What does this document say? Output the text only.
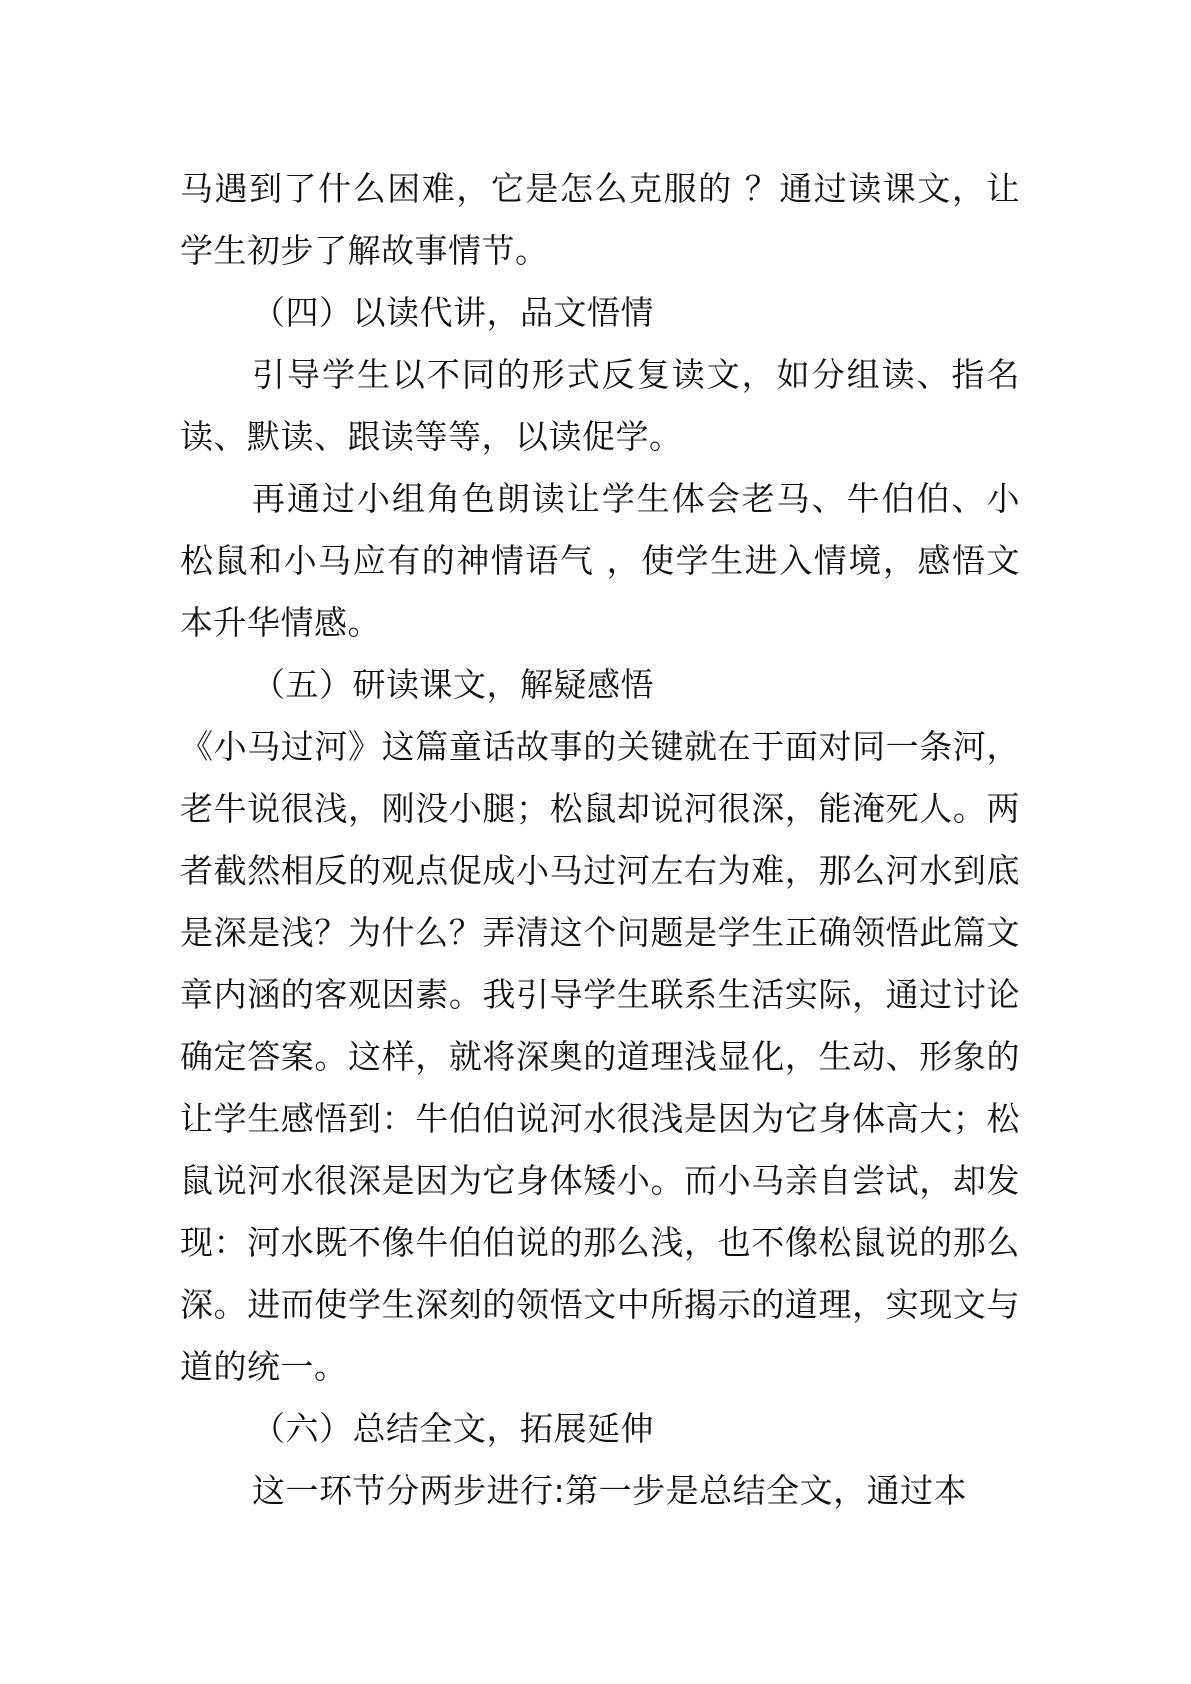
马遇到了什么困难，它是怎么克服的 ？通过读课文，让学生初步了解故事情节。

（四）以读代讲，品文悟情

引导学生以不同的形式反复读文，如分组读、指名读、默读、跟读等等，以读促学。

再通过小组角色朗读让学生体会老马、牛伯伯、小松鼠和小马应有的神情语气 ，使学生进入情境，感悟文本升华情感。

（五）研读课文，解疑感悟

《小马过河》这篇童话故事的关键就在于面对同一条河，老牛说很浅，刚没小腿；松鼠却说河很深，能淹死人。两者截然相反的观点促成小马过河左右为难，那么河水到底是深是浅？为什么？弄清这个问题是学生正确领悟此篇文章内涵的客观因素。我引导学生联系生活实际，通过讨论确定答案。这样，就将深奥的道理浅显化，生动、形象的让学生感悟到：牛伯伯说河水很浅是因为它身体高大；松鼠说河水很深是因为它身体矮小。而小马亲自尝试，却发现：河水既不像牛伯伯说的那么浅，也不像松鼠说的那么深。进而使学生深刻的领悟文中所揭示的道理，实现文与道的统一。

（六）总结全文，拓展延伸

这一环节分两步进行:第一步是总结全文，通过本
